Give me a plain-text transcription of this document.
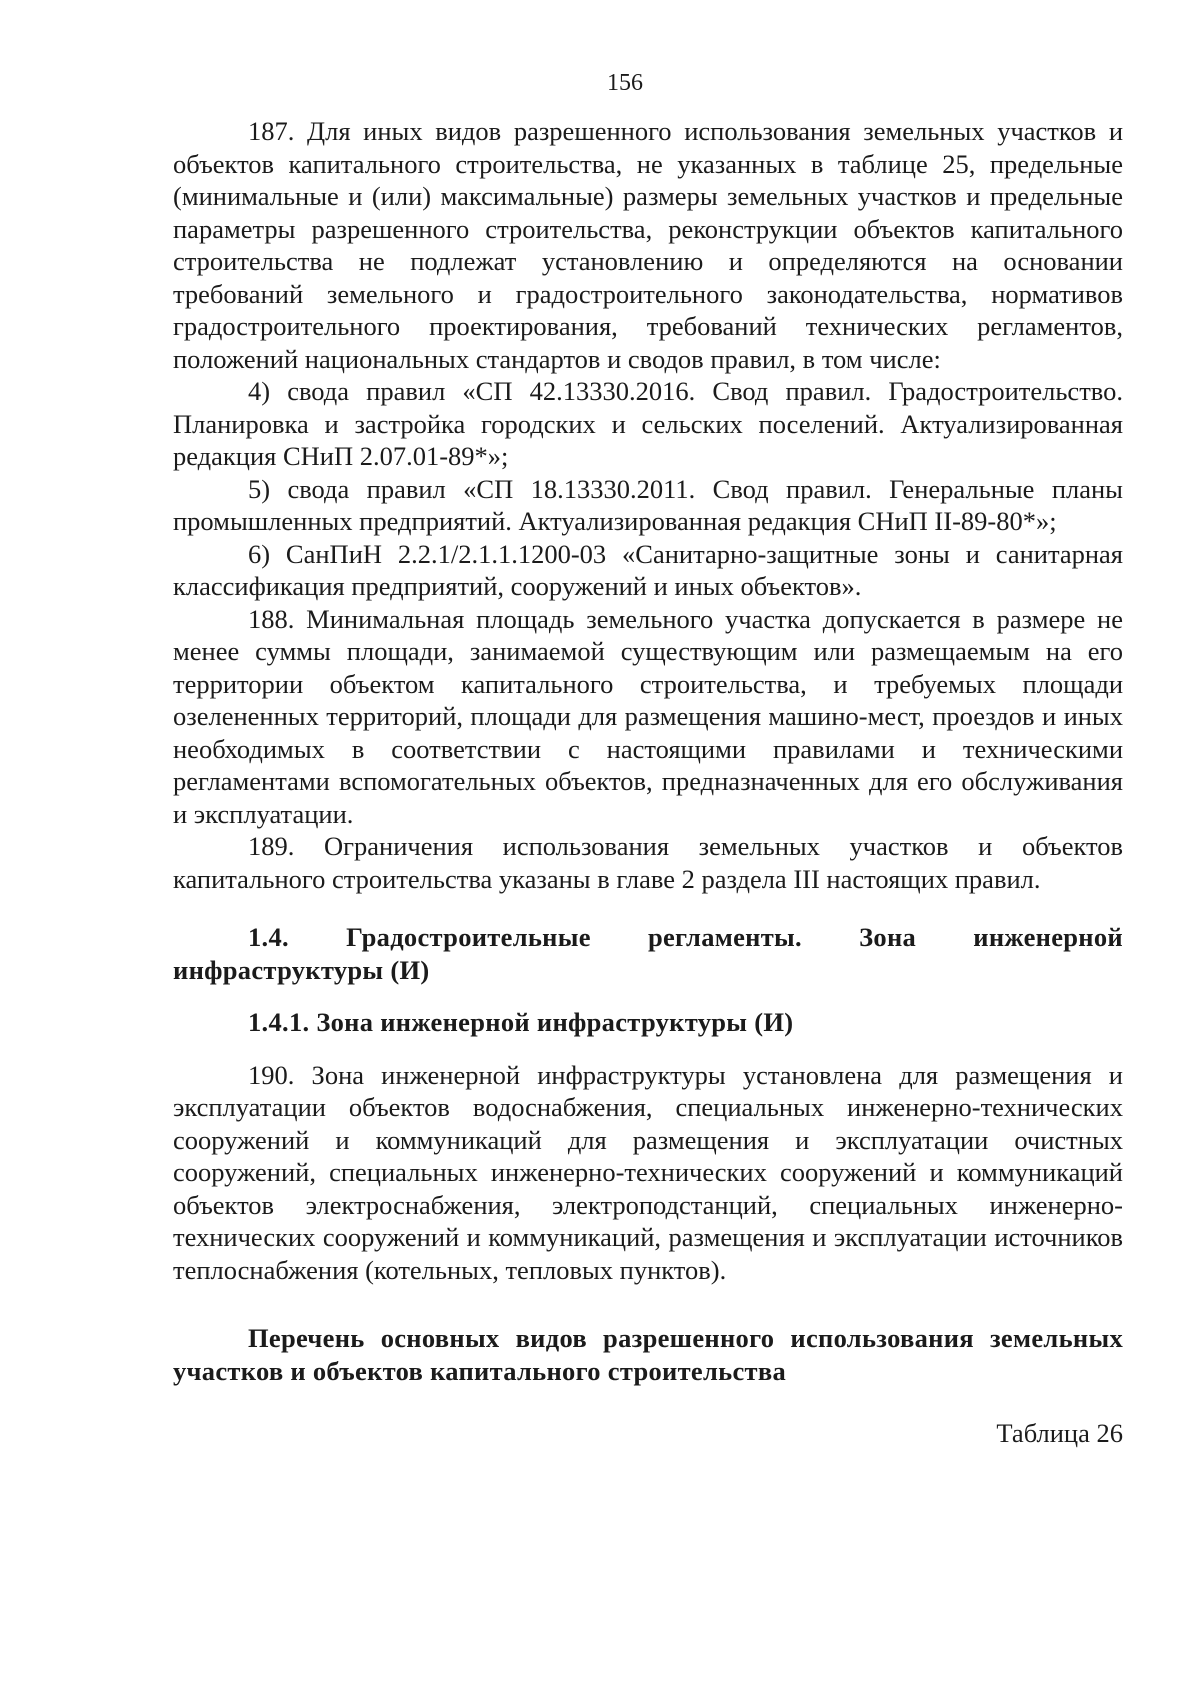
156

187. Для иных видов разрешенного использования земельных участков и объектов капитального строительства, не указанных в таблице 25, предельные (минимальные и (или) максимальные) размеры земельных участков и предельные параметры разрешенного строительства, реконструкции объектов капитального строительства не подлежат установлению и определяются на основании требований земельного и градостроительного законодательства, нормативов градостроительного проектирования, требований технических регламентов, положений национальных стандартов и сводов правил, в том числе:

4) свода правил «СП 42.13330.2016. Свод правил. Градостроительство. Планировка и застройка городских и сельских поселений. Актуализированная редакция СНиП 2.07.01-89*»;

5) свода правил «СП 18.13330.2011. Свод правил. Генеральные планы промышленных предприятий. Актуализированная редакция СНиП II-89-80*»;

6) СанПиН 2.2.1/2.1.1.1200-03 «Санитарно-защитные зоны и санитарная классификация предприятий, сооружений и иных объектов».

188. Минимальная площадь земельного участка допускается в размере не менее суммы площади, занимаемой существующим или размещаемым на его территории объектом капитального строительства, и требуемых площади озелененных территорий, площади для размещения машино-мест, проездов и иных необходимых в соответствии с настоящими правилами и техническими регламентами вспомогательных объектов, предназначенных для его обслуживания и эксплуатации.

189. Ограничения использования земельных участков и объектов капитального строительства указаны в главе 2 раздела III настоящих правил.

1.4. Градостроительные регламенты. Зона инженерной инфраструктуры (И)

1.4.1. Зона инженерной инфраструктуры (И)

190. Зона инженерной инфраструктуры установлена для размещения и эксплуатации объектов водоснабжения, специальных инженерно-технических сооружений и коммуникаций для размещения и эксплуатации очистных сооружений, специальных инженерно-технических сооружений и коммуникаций объектов электроснабжения, электроподстанций, специальных инженерно-технических сооружений и коммуникаций, размещения и эксплуатации источников теплоснабжения (котельных, тепловых пунктов).

Перечень основных видов разрешенного использования земельных участков и объектов капитального строительства

Таблица 26
